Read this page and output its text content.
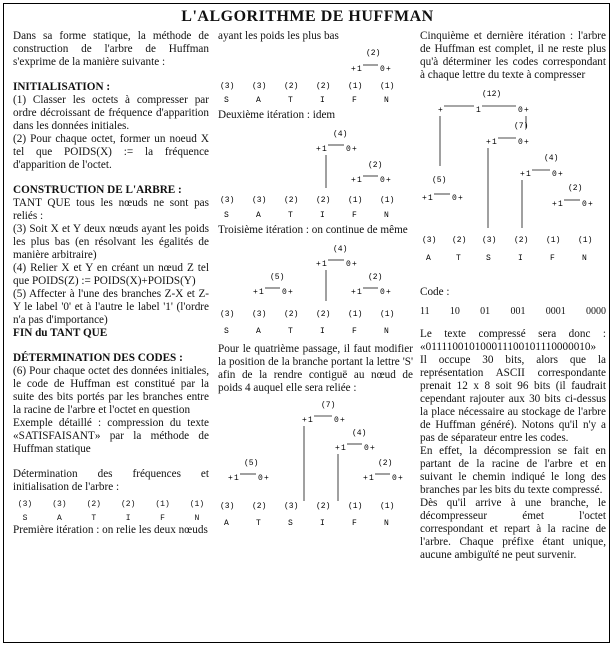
L'ALGORITHME DE HUFFMAN

Dans sa forme statique, la méthode de construction de l'arbre de Huffman s'exprime de la manière suivante :

INITIALISATION :

(1) Classer les octets à compresser par ordre décroissant de fréquence d'apparition dans les données initiales.

(2) Pour chaque octet, former un noeud X tel que POIDS(X) := la fréquence d'apparition de l'octet.

CONSTRUCTION DE L'ARBRE :

TANT QUE tous les nœuds ne sont pas reliés :

(3) Soit X et Y deux nœuds ayant les poids les plus bas (en résolvant les égalités de manière arbitraire)

(4) Relier X et Y en créant un nœud Z tel que POIDS(Z) := POIDS(X)+POIDS(Y)

(5) Affecter à l'une des branches Z-X et Z-Y le label '0' et à l'autre le label '1' (l'ordre n'a pas d'importance)

FIN du TANT QUE

DÉTERMINATION DES CODES :

(6) Pour chaque octet des données initiales, le code de Huffman est constitué par la suite des bits portés par les branches entre la racine de l'arbre et l'octet en question

Exemple détaillé : compression du texte «SATISFAISANT» par la méthode de Huffman statique

Détermination des fréquences et initialisation de l'arbre :

(3)	(3)	(2)	(2)	(1)	(1)
S	A	T	I	F	N

Première itération : on relie les deux nœuds

ayant les poids les plus bas

(2)
+ 1 0 +
(3) (3) (2) (2) (1) (1)
S	A	T	I	F	N

Deuxième itération : idem

(4)
+ 1 0 +
(2)
+ 1 0 +
(3) (3) (2) (2) (1) (1)
S	A	T	I	F	N

Troisième itération : on continue de même

(4)
+ 1 0 +
(5)
+ 1 0 +
(2)
+ 1 0 +
(3) (3) (2) (2) (1) (1)
S	A	T	I	F	N

Pour le quatrième passage, il faut modifier la position de la branche portant la lettre 'S' afin de la rendre contiguë au nœud de poids 4 auquel elle sera reliée :

(7)
+ 1	0 +
(4)
+ 1 0 +
(5)
+ 1 0 +
(2)
+ 1 0 +
(3) (2) (3) (2) (1) (1)
A	T	S	I	F	N

Cinquième et dernière itération : l'arbre de Huffman est complet, il ne reste plus qu'à déterminer les codes correspondant à chaque lettre du texte à compresser

(12)
+	1	0 +
(7)
+ 1	0 +
(4)
+ 1	0 +
(5)
+ 1 0 +
(2)
+ 1 0 +
(3) (2) (3) (2) (1) (1)
A	T	S	I	F	N

Code :

11 10 01 001 0001 0000

Le texte compressé sera donc : «011110010100011100101110000010»

Il occupe 30 bits, alors que la représentation ASCII correspondante prenait 12 x 8 soit 96 bits (il faudrait cependant rajouter aux 30 bits ci-dessus la place nécessaire au stockage de l'arbre de Huffman généré). Notons qu'il n'y a pas de séparateur entre les codes.

En effet, la décompression se fait en partant de la racine de l'arbre et en suivant le chemin indiqué le long des branches par les bits du texte compressé.

Dès qu'il arrive à une branche, le décompresseur émet l'octet correspondant et repart à la racine de l'arbre. Chaque préfixe étant unique, aucune ambiguïté ne peut survenir.
